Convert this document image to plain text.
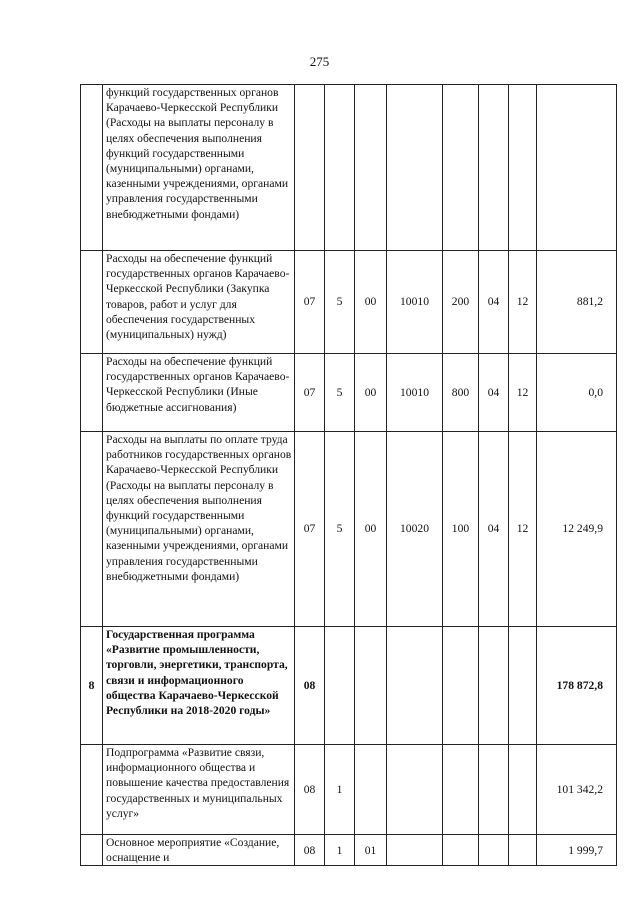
275
	функций государственных органов Карачаево-Черкесской Республики (Расходы на выплаты персоналу в целях обеспечения выполнения функций государственными (муниципальными) органами, казенными учреждениями, органами управления государственными внебюджетными фондами)								
	Расходы на обеспечение функций государственных органов Карачаево-Черкесской Республики (Закупка товаров, работ и услуг для обеспечения государственных (муниципальных) нужд)	07	5	00	10010	200	04	12	881,2
	Расходы на обеспечение функций государственных органов Карачаево-Черкесской Республики (Иные бюджетные ассигнования)	07	5	00	10010	800	04	12	0,0
	Расходы на выплаты по оплате труда работников государственных органов Карачаево-Черкесской Республики (Расходы на выплаты персоналу в целях обеспечения выполнения функций государственными (муниципальными) органами, казенными учреждениями, органами управления государственными внебюджетными фондами)	07	5	00	10020	100	04	12	12 249,9
8	Государственная программа «Развитие промышленности, торговли, энергетики, транспорта, связи и информационного общества Карачаево-Черкесской Республики на 2018-2020 годы»	08							178 872,8
	Подпрограмма «Развитие связи, информационного общества и повышение качества предоставления государственных и муниципальных услуг»	08	1						101 342,2
	Основное мероприятие «Создание, оснащение и	08	1	01					1 999,7
